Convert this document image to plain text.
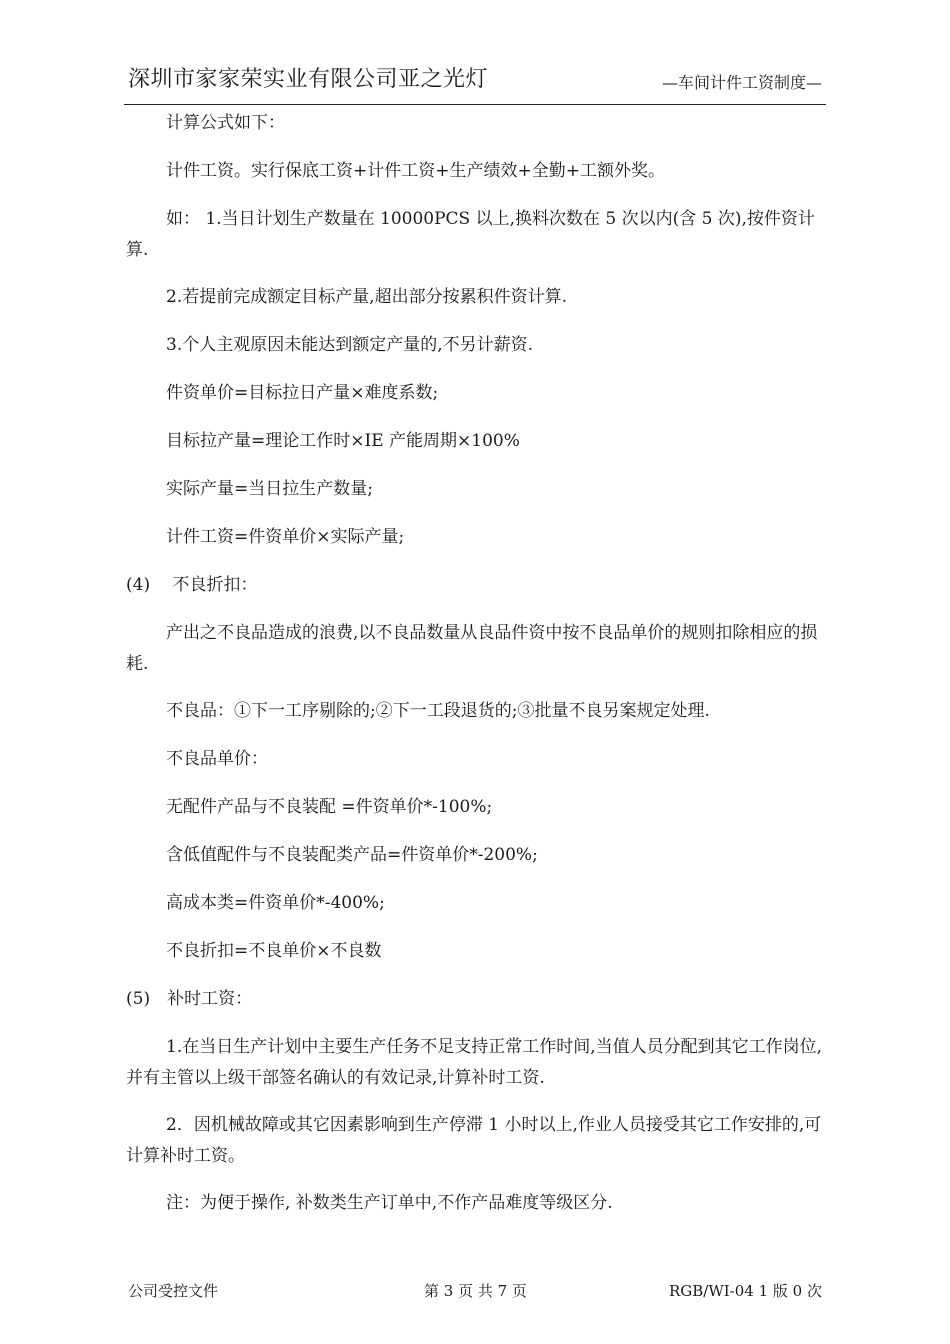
深圳市家家荣实业有限公司亚之光灯	—车间计件工资制度—

计算公式如下：

计件工资。实行保底工资+计件工资+生产绩效+全勤+工额外奖。

如： 1.当日计划生产数量在 10000PCS 以上,换料次数在 5 次以内(含 5 次),按件资计算.

2.若提前完成额定目标产量,超出部分按累积件资计算.

3.个人主观原因未能达到额定产量的,不另计薪资.

件资单价=目标拉日产量×难度系数;

目标拉产量=理论工作时×IE 产能周期×100%

实际产量=当日拉生产数量;

计件工资=件资单价×实际产量;

(4)　 不良折扣：

产出之不良品造成的浪费,以不良品数量从良品件资中按不良品单价的规则扣除相应的损耗.

不良品：①下一工序剔除的;②下一工段退货的;③批量不良另案规定处理.

不良品单价：

无配件产品与不良装配 =件资单价*-100%;

含低值配件与不良装配类产品=件资单价*-200%;

高成本类=件资单价*-400%;

不良折扣=不良单价×不良数

(5)　补时工资：

1.在当日生产计划中主要生产任务不足支持正常工作时间,当值人员分配到其它工作岗位,并有主管以上级干部签名确认的有效记录,计算补时工资.

2．因机械故障或其它因素影响到生产停滞 1 小时以上,作业人员接受其它工作安排的,可计算补时工资。

注：为便于操作, 补数类生产订单中,不作产品难度等级区分.

公司受控文件	第 3 页 共 7 页	RGB/WI-04 1 版 0 次
